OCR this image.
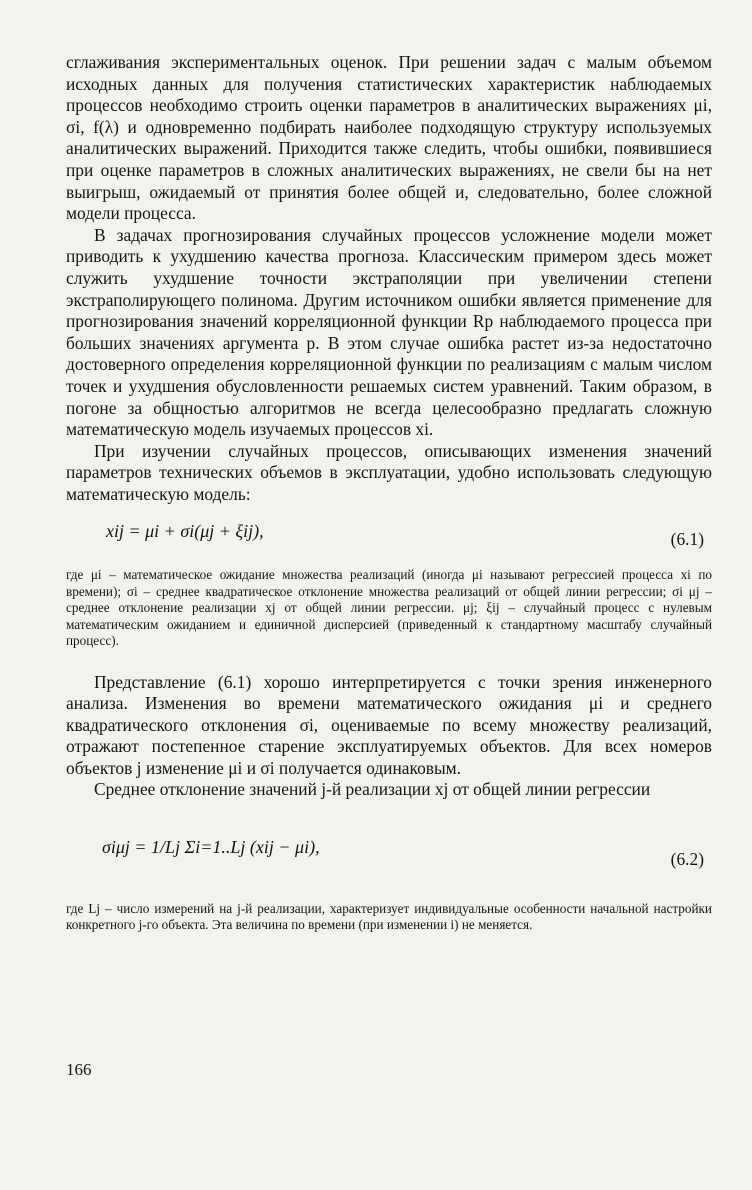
сглаживания экспериментальных оценок. При решении задач с малым объемом исходных данных для получения статистических характеристик наблюдаемых процессов необходимо строить оценки параметров в аналитических выражениях μi, σi, f(λ) и одновременно подбирать наиболее подходящую структуру используемых аналитических выражений. Приходится также следить, чтобы ошибки, появившиеся при оценке параметров в сложных аналитических выражениях, не свели бы на нет выигрыш, ожидаемый от принятия более общей и, следовательно, более сложной модели процесса.

В задачах прогнозирования случайных процессов усложнение модели может приводить к ухудшению качества прогноза. Классическим примером здесь может служить ухудшение точности экстраполяции при увеличении степени экстраполирующего полинома. Другим источником ошибки является применение для прогнозирования значений корреляционной функции Rp наблюдаемого процесса при больших значениях аргумента p. В этом случае ошибка растет из-за недостаточно достоверного определения корреляционной функции по реализациям с малым числом точек и ухудшения обусловленности решаемых систем уравнений. Таким образом, в погоне за общностью алгоритмов не всегда целесообразно предлагать сложную математическую модель изучаемых процессов xi.

При изучении случайных процессов, описывающих изменения значений параметров технических объемов в эксплуатации, удобно использовать следующую математическую модель:

xij = μi + σi(μj + ξij),	(6.1)

где μi – математическое ожидание множества реализаций (иногда μi называют регрессией процесса xi по времени); σi – среднее квадратическое отклонение множества реализаций от общей линии регрессии; σi μj – среднее отклонение реализации xj от общей линии регрессии. μj; ξij – случайный процесс с нулевым математическим ожиданием и единичной дисперсией (приведенный к стандартному масштабу случайный процесс).

Представление (6.1) хорошо интерпретируется с точки зрения инженерного анализа. Изменения во времени математического ожидания μi и среднего квадратического отклонения σi, оцениваемые по всему множеству реализаций, отражают постепенное старение эксплуатируемых объектов. Для всех номеров объектов j изменение μi и σi получается одинаковым.

Среднее отклонение значений j-й реализации xj от общей линии регрессии

σiμj = 1/Lj Σi=1..Lj (xij − μi),
(6.2)

где Lj – число измерений на j-й реализации, характеризует индивидуальные особенности начальной настройки конкретного j-го объекта. Эта величина по времени (при изменении i) не меняется.

166
